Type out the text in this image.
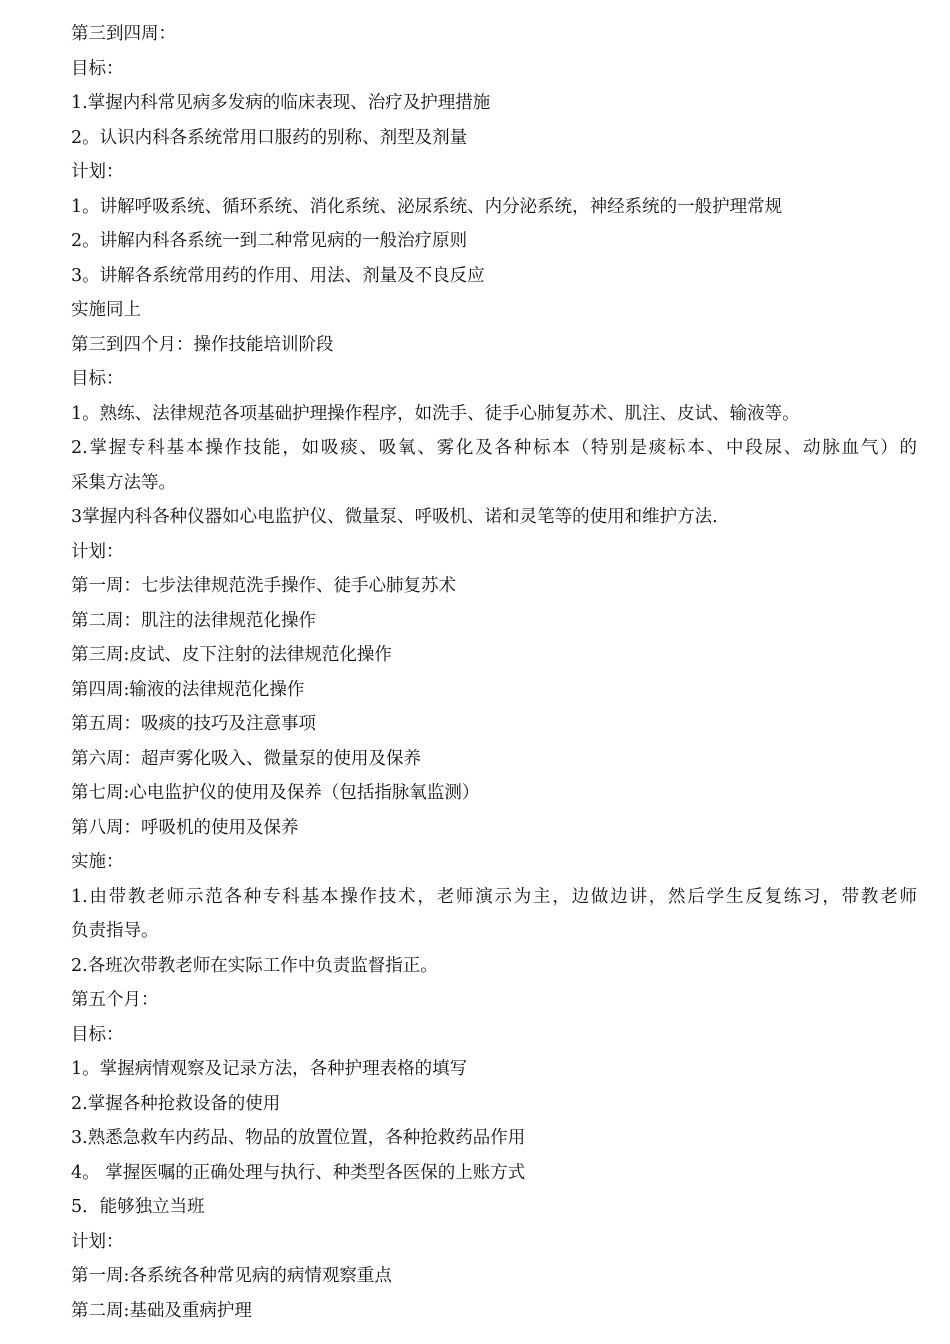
第三到四周：
目标：
1.掌握内科常见病多发病的临床表现、治疗及护理措施
2。认识内科各系统常用口服药的别称、剂型及剂量
计划：
1。讲解呼吸系统、循环系统、消化系统、泌尿系统、内分泌系统，神经系统的一般护理常规
2。讲解内科各系统一到二种常见病的一般治疗原则
3。讲解各系统常用药的作用、用法、剂量及不良反应
实施同上
第三到四个月：操作技能培训阶段
目标：
1。熟练、法律规范各项基础护理操作程序，如洗手、徒手心肺复苏术、肌注、皮试、输液等。
2.掌握专科基本操作技能，如吸痰、吸氧、雾化及各种标本（特别是痰标本、中段尿、动脉血气）的
采集方法等。
3掌握内科各种仪器如心电监护仪、微量泵、呼吸机、诺和灵笔等的使用和维护方法.
计划：
第一周：七步法律规范洗手操作、徒手心肺复苏术
第二周：肌注的法律规范化操作
第三周:皮试、皮下注射的法律规范化操作
第四周:输液的法律规范化操作
第五周：吸痰的技巧及注意事项
第六周：超声雾化吸入、微量泵的使用及保养
第七周:心电监护仪的使用及保养（包括指脉氧监测）
第八周：呼吸机的使用及保养
实施：
1.由带教老师示范各种专科基本操作技术，老师演示为主，边做边讲，然后学生反复练习，带教老师
负责指导。
2.各班次带教老师在实际工作中负责监督指正。
第五个月：
目标：
1。掌握病情观察及记录方法，各种护理表格的填写
2.掌握各种抢救设备的使用
3.熟悉急救车内药品、物品的放置位置，各种抢救药品作用
4。 掌握医嘱的正确处理与执行、种类型各医保的上账方式
5．能够独立当班
计划：
第一周:各系统各种常见病的病情观察重点
第二周:基础及重病护理
